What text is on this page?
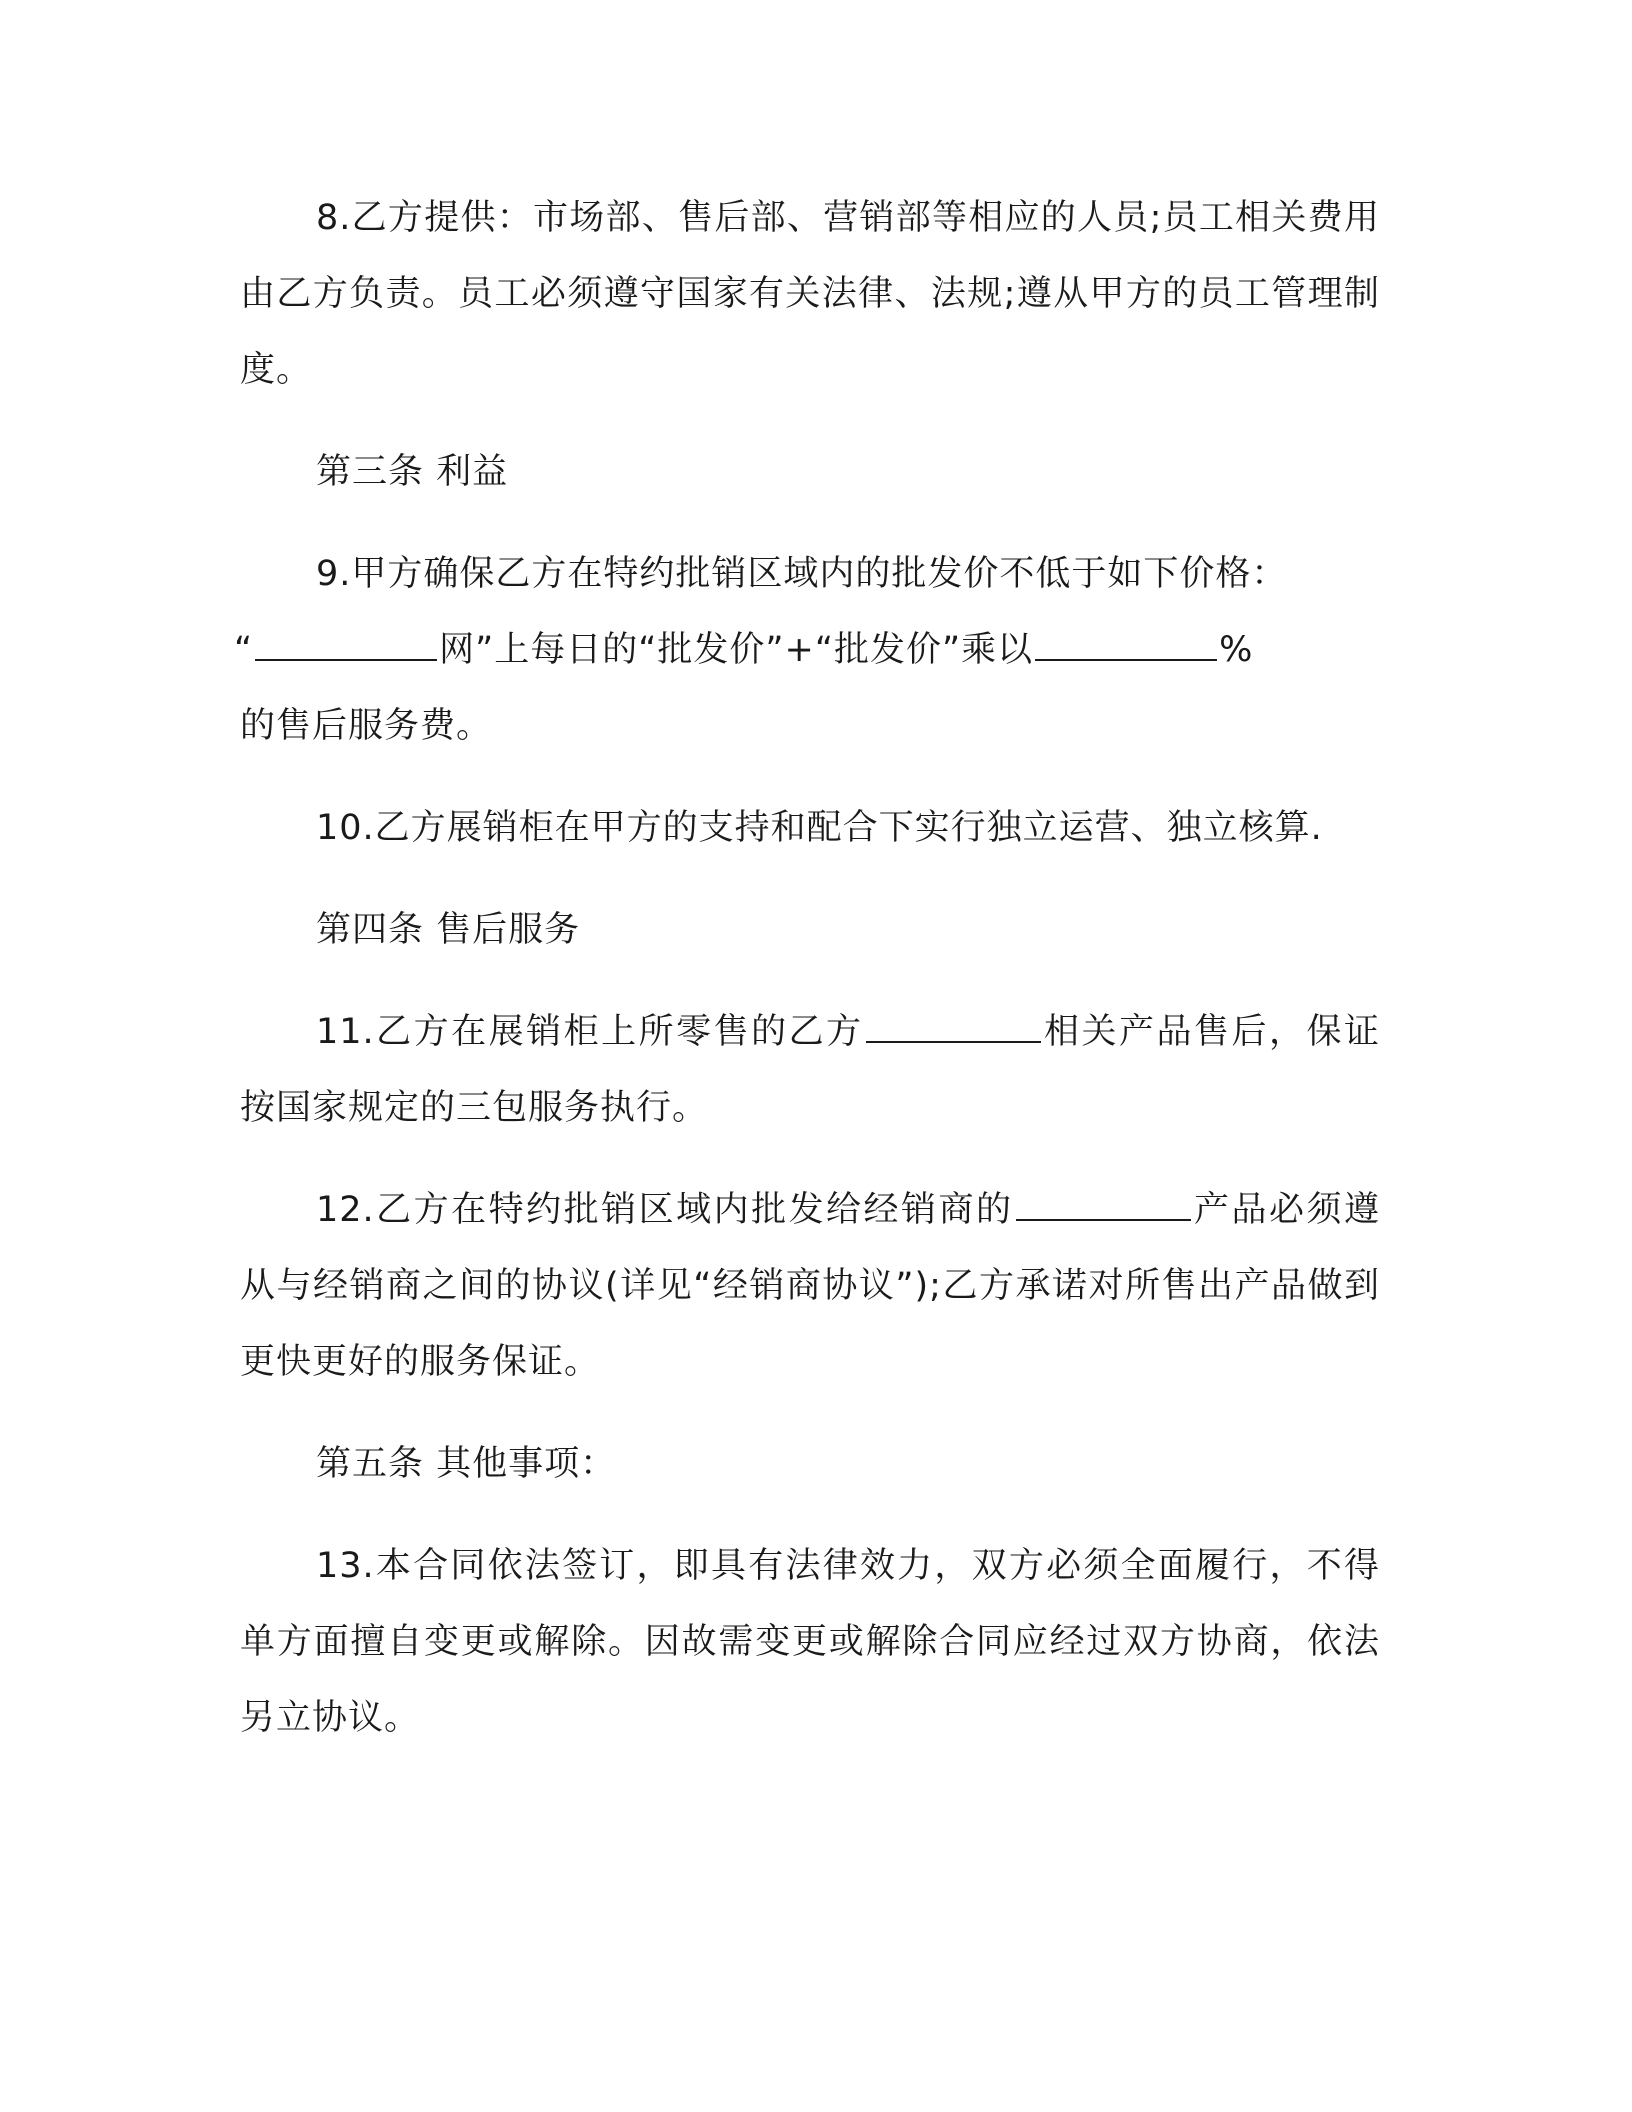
8.乙方提供：市场部、售后部、营销部等相应的人员;员工相关费用由乙方负责。员工必须遵守国家有关法律、法规;遵从甲方的员工管理制度。

第三条 利益

9.甲方确保乙方在特约批销区域内的批发价不低于如下价格：
“	网”上每日的“批发价”+“批发价”乘以	%
的售后服务费。

10.乙方展销柜在甲方的支持和配合下实行独立运营、独立核算.

第四条 售后服务

11.乙方在展销柜上所零售的乙方	相关产品售后，保证按国家规定的三包服务执行。

12.乙方在特约批销区域内批发给经销商的	产品必须遵从与经销商之间的协议(详见“经销商协议”);乙方承诺对所售出产品做到更快更好的服务保证。

第五条 其他事项：

13.本合同依法签订，即具有法律效力，双方必须全面履行，不得单方面擅自变更或解除。因故需变更或解除合同应经过双方协商，依法另立协议。
